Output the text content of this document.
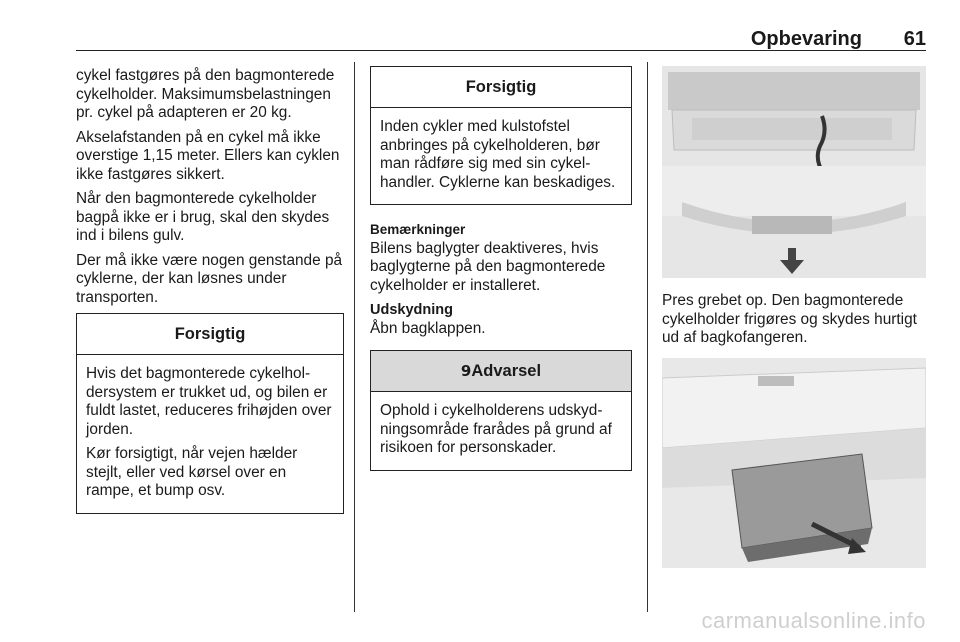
Opbevaring 61

cykel fastgøres på den bagmonterede cykelholder. Maksimumsbelastningen pr. cykel på adapteren er 20 kg.

Akselafstanden på en cykel må ikke overstige 1,15 meter. Ellers kan cyklen ikke fastgøres sikkert.

Når den bagmonterede cykelholder bagpå ikke er i brug, skal den skydes ind i bilens gulv.

Der må ikke være nogen genstande på cyklerne, der kan løsnes under transporten.

Forsigtig

Hvis det bagmonterede cykelholdersystem er trukket ud, og bilen er fuldt lastet, reduceres frihøjden over jorden.

Kør forsigtigt, når vejen hælder stejlt, eller ved kørsel over en rampe, et bump osv.

Forsigtig

Inden cykler med kulstofstel anbringes på cykelholderen, bør man rådføre sig med sin cykelhandler. Cyklerne kan beskadiges.

Bemærkninger
Bilens baglygter deaktiveres, hvis baglygterne på den bagmonterede cykelholder er installeret.
Udskydning

Åbn bagklappen.

9Advarsel

Ophold i cykelholderens udskydningsområde frarådes på grund af risikoen for personskader.

Pres grebet op. Den bagmonterede cykelholder frigøres og skydes hurtigt ud af bagkofangeren.

carmanualsonline.info
